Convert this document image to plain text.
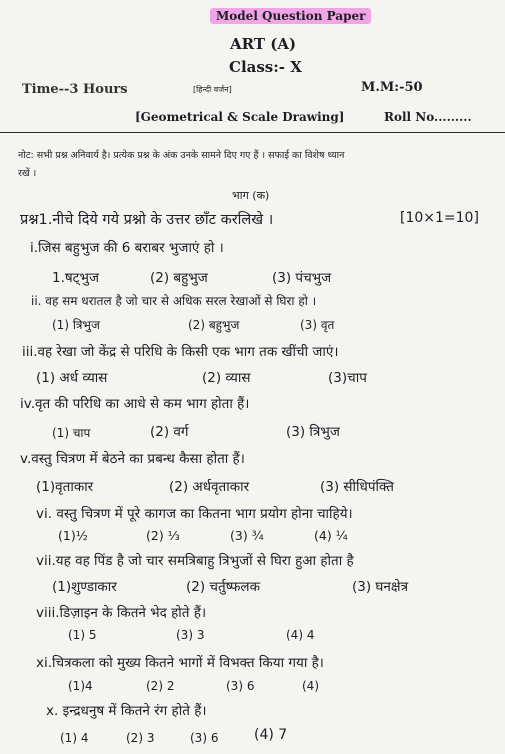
Model Question Paper
ART (A)
Class:- X
Time--3 Hours	[हिन्दी वर्जन]	M.M:-50
[Geometrical & Scale Drawing]	Roll No.........
नोट: सभी प्रश्न अनिवार्य है। प्रत्येक प्रश्न के अंक उनके सामने दिए गए हैं । सफाई का विशेष ध्यान
रखें ।
भाग (क)
प्रश्न1.नीचे दिये गये प्रश्नो के उत्तर छाँट करलिखे ।	[10×1=10]
i.जिस बहुभुज की 6 बराबर भुजाएं हो ।
1.षट्भुज	(2) बहुभुज	(3) पंचभुज
ii. वह सम धरातल है जो चार से अधिक सरल रेखाओं से घिरा हो ।
(1) त्रिभुज	(2) बहुभुज	(3) वृत
iii.वह रेखा जो केंद्र से परिधि के किसी एक भाग तक खींची जाएं।
(1) अर्ध व्यास	(2) व्यास	(3)चाप
iv.वृत की परिधि का आधे से कम भाग होता हैं।
(1) चाप	(2) वर्ग	(3) त्रिभुज
v.वस्तु चित्रण में बेठने का प्रबन्ध कैसा होता हैं।
(1)वृताकार	(2) अर्धवृताकार	(3) सीधिपंक्ति
vi. वस्तु चित्रण में पूरे कागज का कितना भाग प्रयोग होना चाहिये।
(1)½	(2) ⅓	(3) ¾	(4) ¼
vii.यह वह पिंड है जो चार समत्रिबाहु त्रिभुजों से घिरा हुआ होता है
(1)शुण्डाकार	(2) चर्तुष्फलक	(3) घनक्षेत्र
viii.डिज़ाइन के कितने भेद होते हैं।
(1) 5	(3) 3	(4) 4
xi.चित्रकला को मुख्य कितने भागों में विभक्त किया गया है।
(1)4	(2) 2	(3) 6	(4)
x. इन्द्रधनुष में कितने रंग होते हैं।
(1) 4	(2) 3	(3) 6	(4) 7
